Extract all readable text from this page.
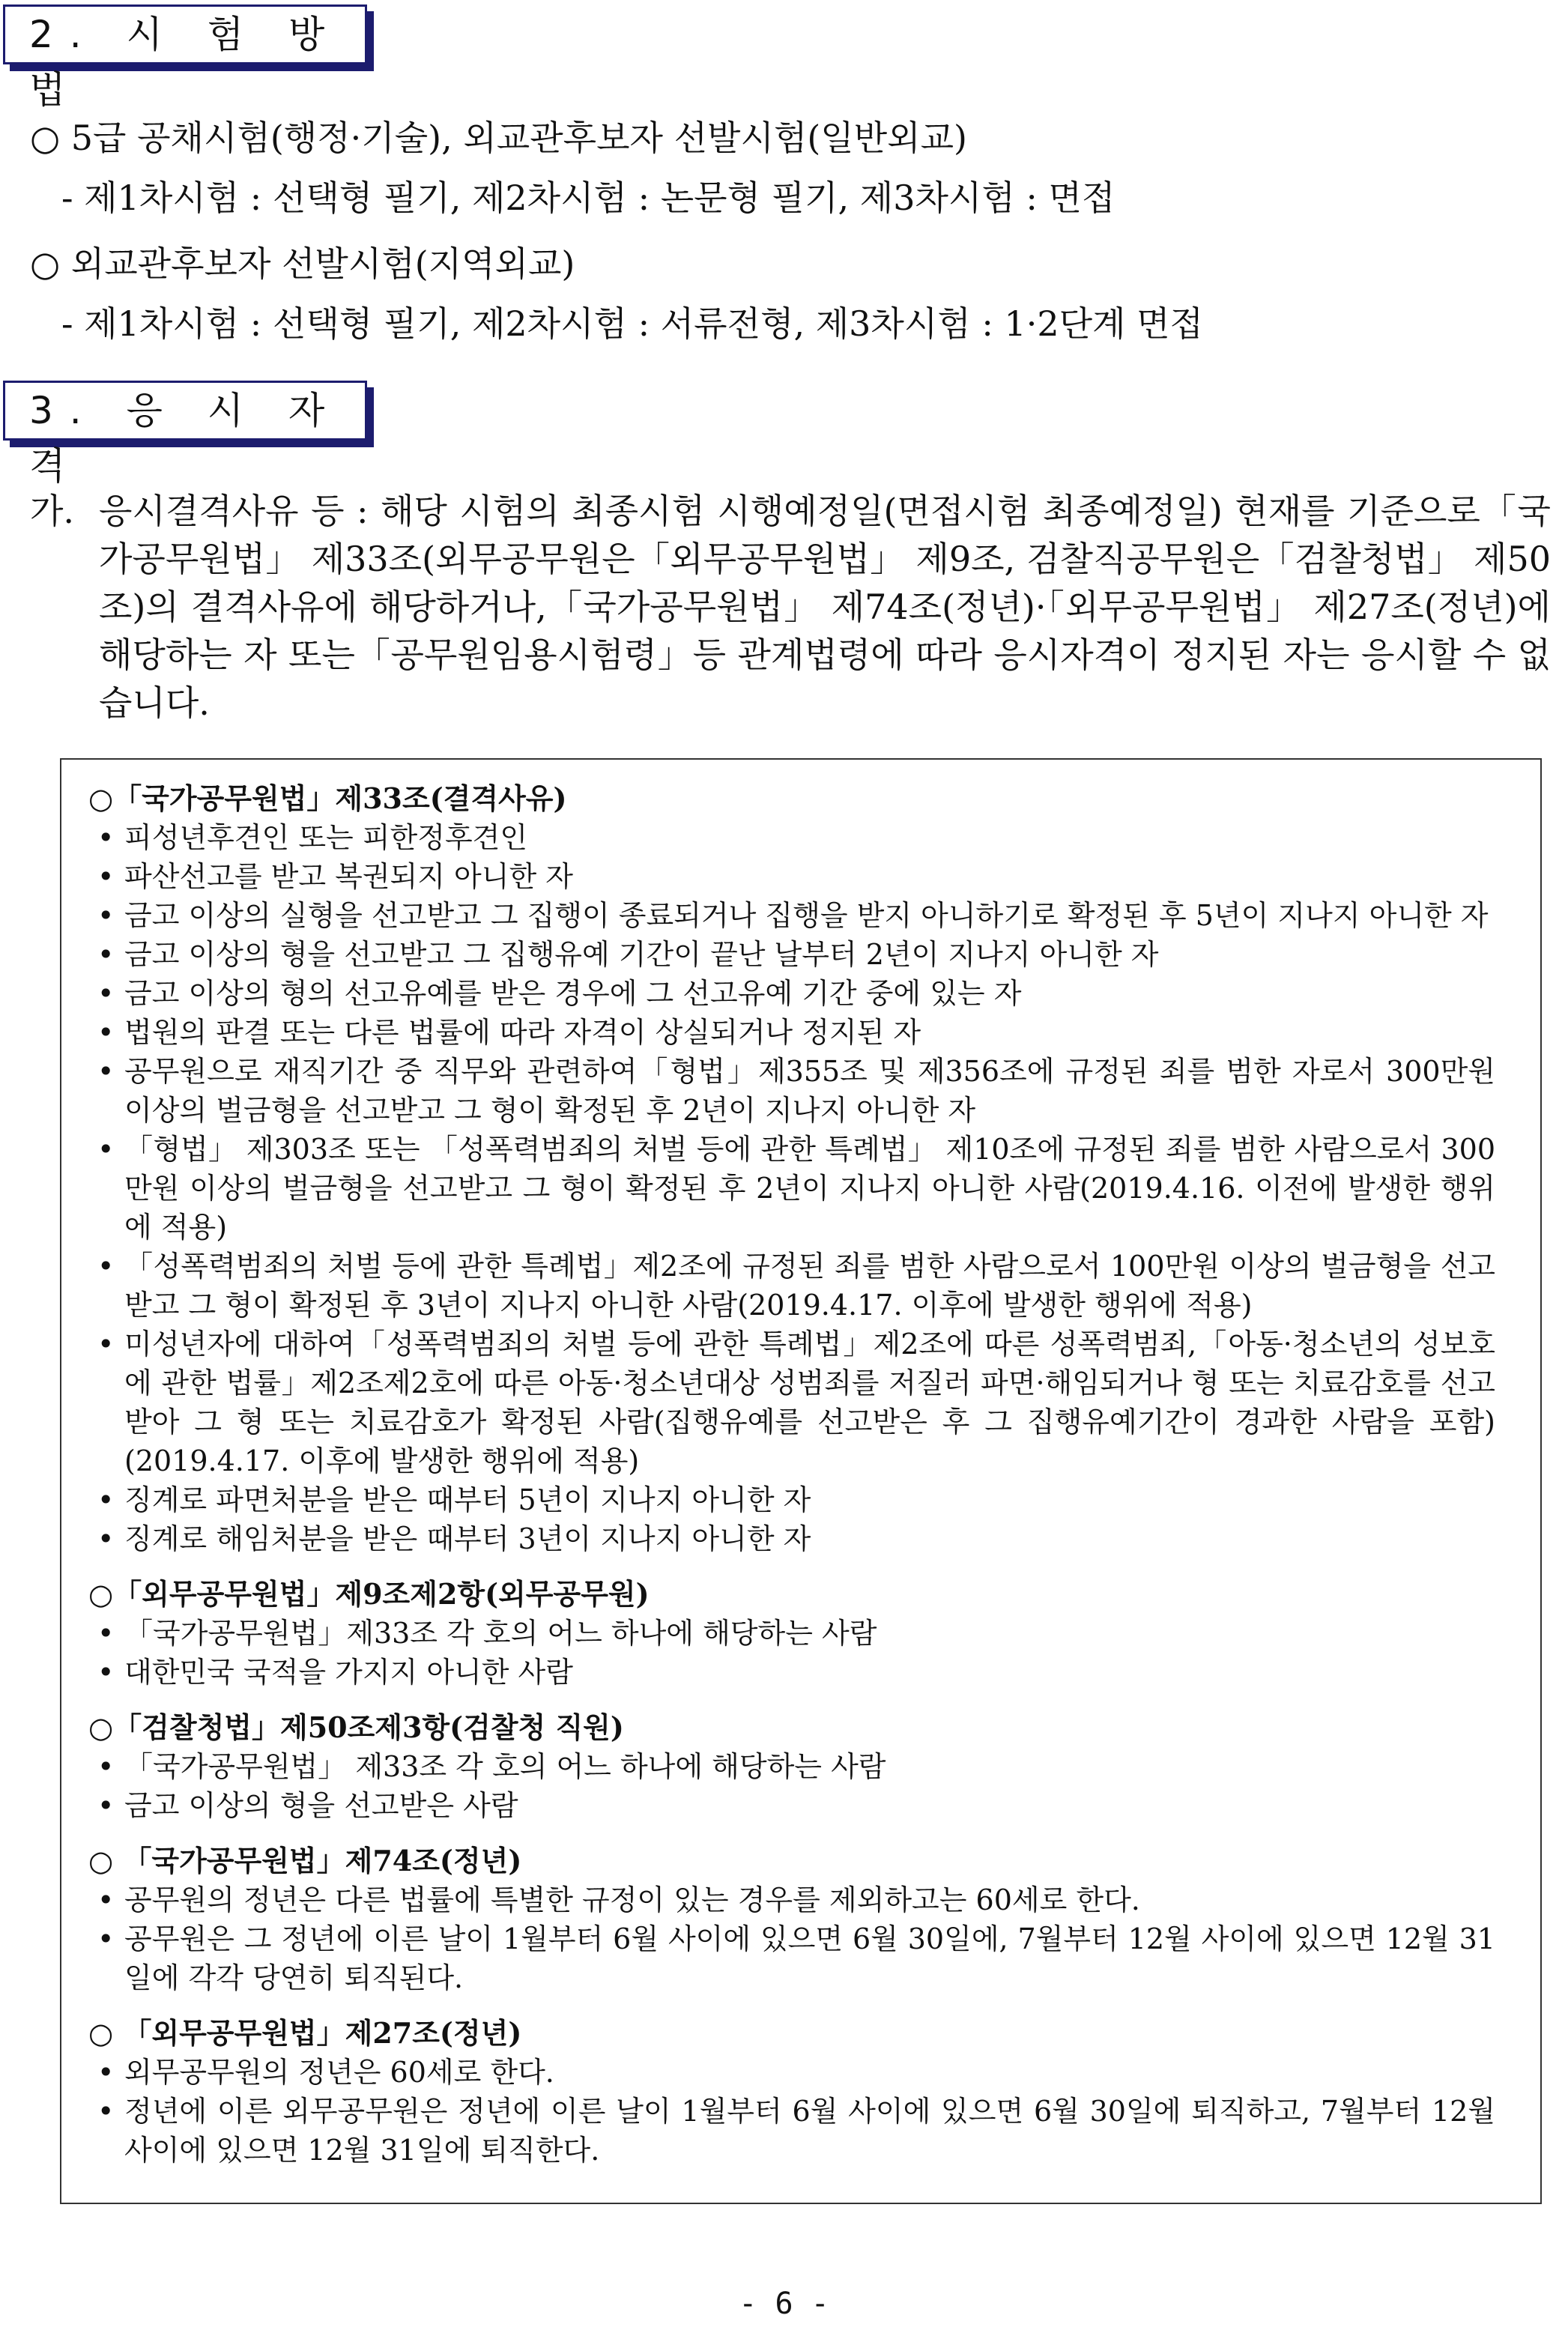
2. 시 험 방 법
○ 5급 공채시험(행정·기술), 외교관후보자 선발시험(일반외교)
- 제1차시험 : 선택형 필기, 제2차시험 : 논문형 필기, 제3차시험 : 면접
○ 외교관후보자 선발시험(지역외교)
- 제1차시험 : 선택형 필기, 제2차시험 : 서류전형, 제3차시험 : 1·2단계 면접
3. 응 시 자 격
가. 응시결격사유 등 : 해당 시험의 최종시험 시행예정일(면접시험 최종예정일) 현재를 기준으로「국가공무원법」 제33조(외무공무원은「외무공무원법」 제9조, 검찰직공무원은「검찰청법」 제50조)의 결격사유에 해당하거나,「국가공무원법」 제74조(정년)·「외무공무원법」 제27조(정년)에 해당하는 자 또는「공무원임용시험령」등 관계법령에 따라 응시자격이 정지된 자는 응시할 수 없습니다.
○「국가공무원법」제33조(결격사유)
• 피성년후견인 또는 피한정후견인
• 파산선고를 받고 복권되지 아니한 자
• 금고 이상의 실형을 선고받고 그 집행이 종료되거나 집행을 받지 아니하기로 확정된 후 5년이 지나지 아니한 자
• 금고 이상의 형을 선고받고 그 집행유예 기간이 끝난 날부터 2년이 지나지 아니한 자
• 금고 이상의 형의 선고유예를 받은 경우에 그 선고유예 기간 중에 있는 자
• 법원의 판결 또는 다른 법률에 따라 자격이 상실되거나 정지된 자
• 공무원으로 재직기간 중 직무와 관련하여「형법」제355조 및 제356조에 규정된 죄를 범한 자로서 300만원 이상의 벌금형을 선고받고 그 형이 확정된 후 2년이 지나지 아니한 자
• 「형법」 제303조 또는 「성폭력범죄의 처벌 등에 관한 특례법」 제10조에 규정된 죄를 범한 사람으로서 300만원 이상의 벌금형을 선고받고 그 형이 확정된 후 2년이 지나지 아니한 사람(2019.4.16. 이전에 발생한 행위에 적용)
• 「성폭력범죄의 처벌 등에 관한 특례법」제2조에 규정된 죄를 범한 사람으로서 100만원 이상의 벌금형을 선고받고 그 형이 확정된 후 3년이 지나지 아니한 사람(2019.4.17. 이후에 발생한 행위에 적용)
• 미성년자에 대하여「성폭력범죄의 처벌 등에 관한 특례법」제2조에 따른 성폭력범죄,「아동·청소년의 성보호에 관한 법률」제2조제2호에 따른 아동·청소년대상 성범죄를 저질러 파면·해임되거나 형 또는 치료감호를 선고받아 그 형 또는 치료감호가 확정된 사람(집행유예를 선고받은 후 그 집행유예기간이 경과한 사람을 포함)(2019.4.17. 이후에 발생한 행위에 적용)
• 징계로 파면처분을 받은 때부터 5년이 지나지 아니한 자
• 징계로 해임처분을 받은 때부터 3년이 지나지 아니한 자
○「외무공무원법」제9조제2항(외무공무원)
• 「국가공무원법」제33조 각 호의 어느 하나에 해당하는 사람
• 대한민국 국적을 가지지 아니한 사람
○「검찰청법」제50조제3항(검찰청 직원)
• 「국가공무원법」 제33조 각 호의 어느 하나에 해당하는 사람
• 금고 이상의 형을 선고받은 사람
○ 「국가공무원법」제74조(정년)
• 공무원의 정년은 다른 법률에 특별한 규정이 있는 경우를 제외하고는 60세로 한다.
• 공무원은 그 정년에 이른 날이 1월부터 6월 사이에 있으면 6월 30일에, 7월부터 12월 사이에 있으면 12월 31일에 각각 당연히 퇴직된다.
○ 「외무공무원법」제27조(정년)
• 외무공무원의 정년은 60세로 한다.
• 정년에 이른 외무공무원은 정년에 이른 날이 1월부터 6월 사이에 있으면 6월 30일에 퇴직하고, 7월부터 12월 사이에 있으면 12월 31일에 퇴직한다.
- 6 -
